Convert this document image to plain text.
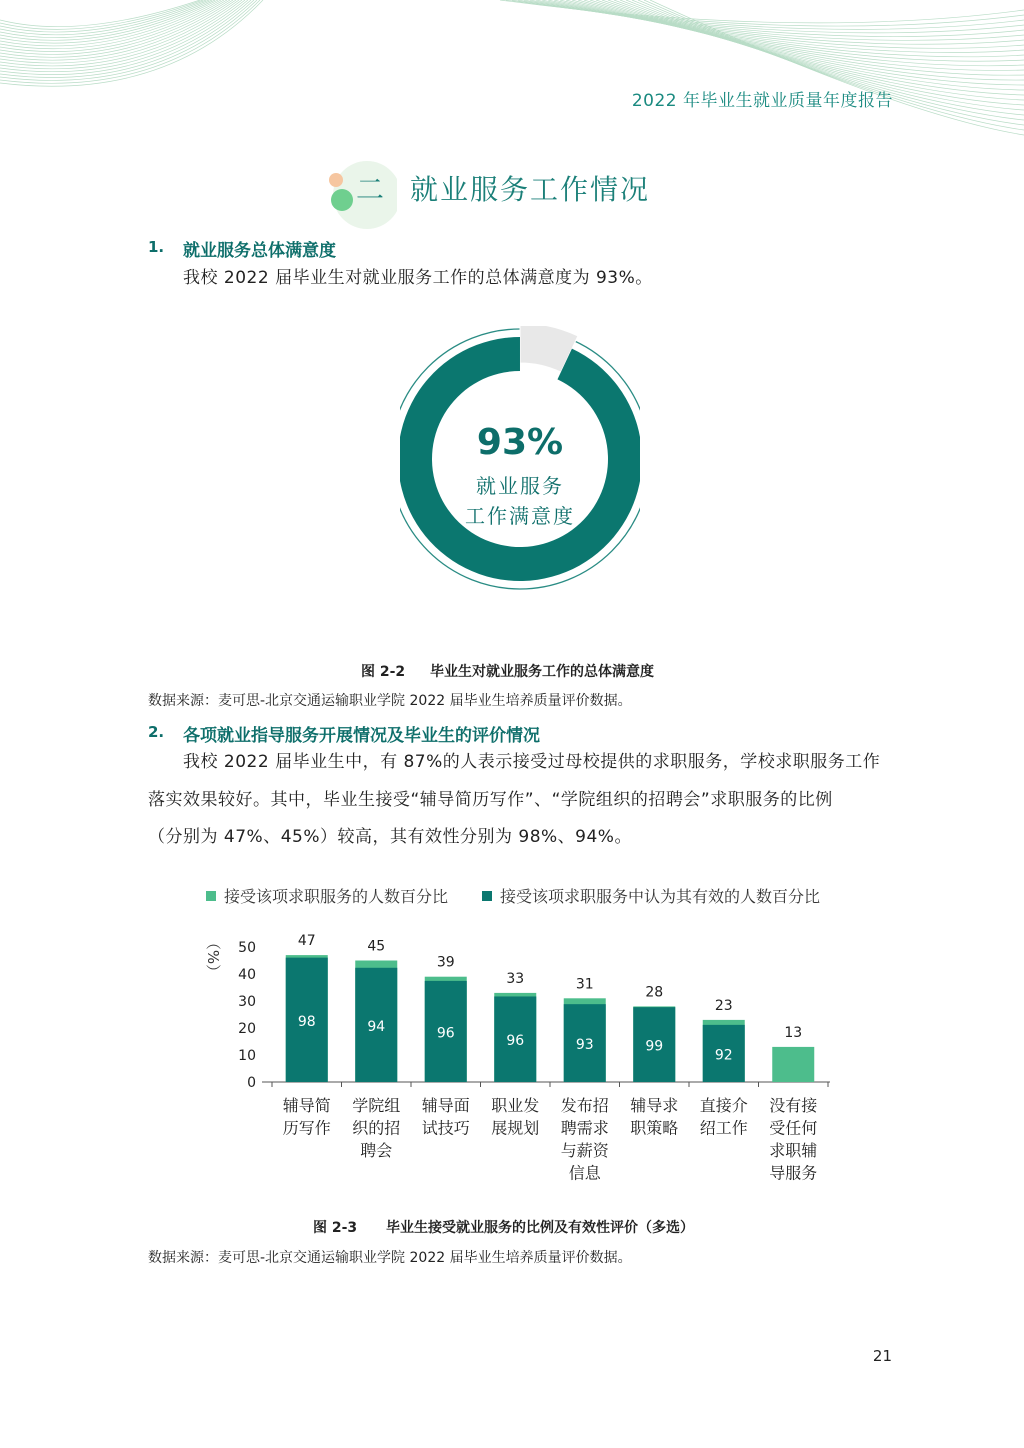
2022 年毕业生就业质量年度报告
二 就业服务工作情况
1. 就业服务总体满意度
我校 2022 届毕业生对就业服务工作的总体满意度为 93%。
93%
就业服务
工作满意度
图 2-2 毕业生对就业服务工作的总体满意度
数据来源：麦可思-北京交通运输职业学院 2022 届毕业生培养质量评价数据。
2. 各项就业指导服务开展情况及毕业生的评价情况
我校 2022 届毕业生中，有 87%的人表示接受过母校提供的求职服务，学校求职服务工作
落实效果较好。其中，毕业生接受“辅导简历写作”、“学院组织的招聘会”求职服务的比例
（分别为 47%、45%）较高，其有效性分别为 98%、94%。
接受该项求职服务的人数百分比	接受该项求职服务中认为其有效的人数百分比
（%）
0
10
20
30
40
50
98
47
辅导简
历写作
94
45
学院组
织的招
聘会
96
39
辅导面
试技巧
96
33
职业发
展规划
93
31
发布招
聘需求
与薪资
信息
99
28
辅导求
职策略
92
23
直接介
绍工作
13
没有接
受任何
求职辅
导服务
图 2-3 毕业生接受就业服务的比例及有效性评价（多选）
数据来源：麦可思-北京交通运输职业学院 2022 届毕业生培养质量评价数据。
21
